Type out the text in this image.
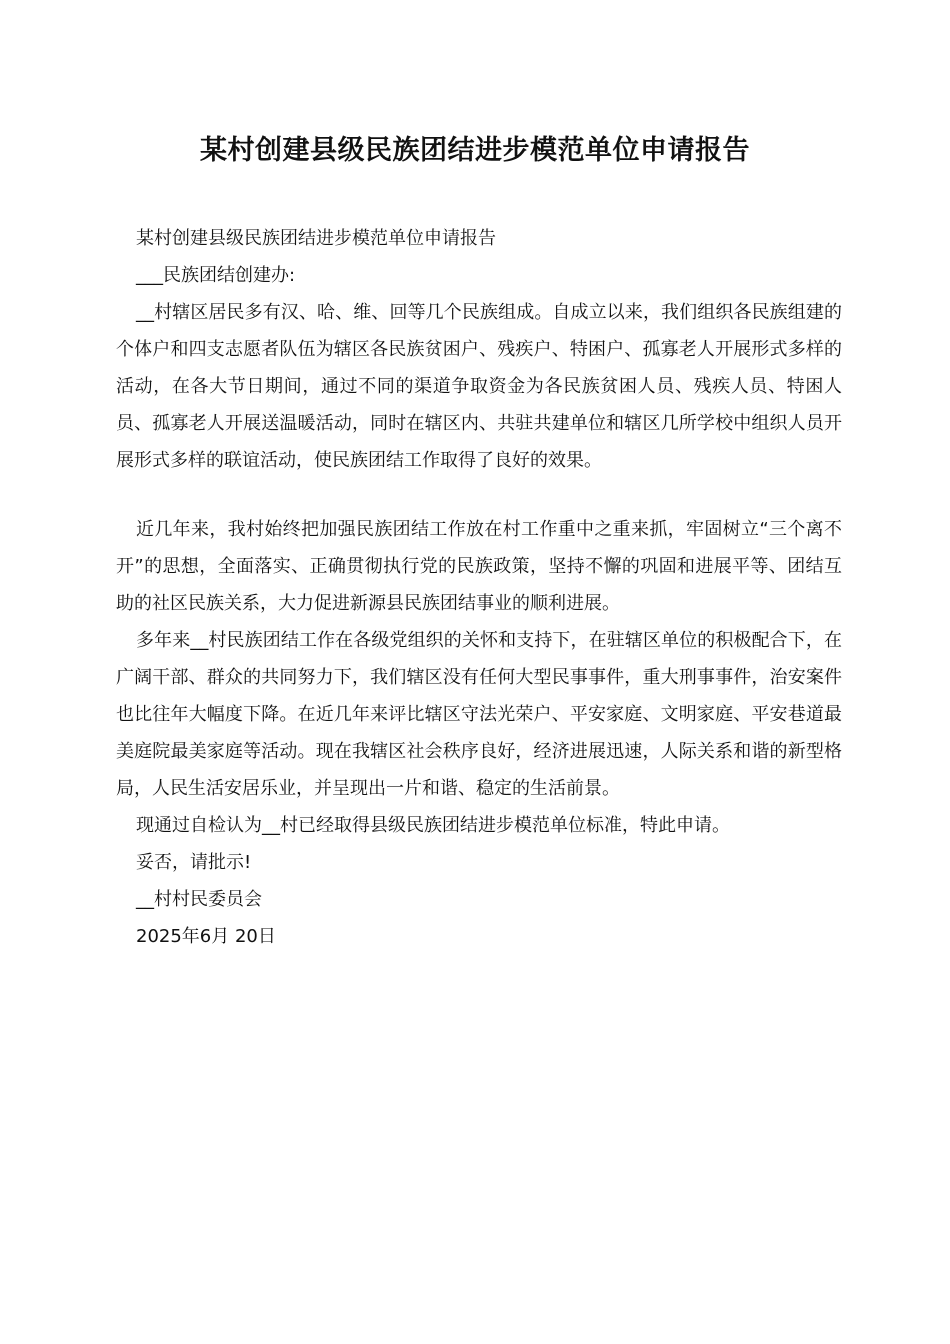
某村创建县级民族团结进步模范单位申请报告

某村创建县级民族团结进步模范单位申请报告

___民族团结创建办:

__村辖区居民多有汉、哈、维、回等几个民族组成。自成立以来，我们组织各民族组建的个体户和四支志愿者队伍为辖区各民族贫困户、残疾户、特困户、孤寡老人开展形式多样的活动，在各大节日期间，通过不同的渠道争取资金为各民族贫困人员、残疾人员、特困人员、孤寡老人开展送温暖活动，同时在辖区内、共驻共建单位和辖区几所学校中组织人员开展形式多样的联谊活动，使民族团结工作取得了良好的效果。

近几年来，我村始终把加强民族团结工作放在村工作重中之重来抓，牢固树立“三个离不开”的思想，全面落实、正确贯彻执行党的民族政策，坚持不懈的巩固和进展平等、团结互助的社区民族关系，大力促进新源县民族团结事业的顺利进展。

多年来__村民族团结工作在各级党组织的关怀和支持下，在驻辖区单位的积极配合下，在广阔干部、群众的共同努力下，我们辖区没有任何大型民事事件，重大刑事事件，治安案件也比往年大幅度下降。在近几年来评比辖区守法光荣户、平安家庭、文明家庭、平安巷道最美庭院最美家庭等活动。现在我辖区社会秩序良好，经济进展迅速，人际关系和谐的新型格局，人民生活安居乐业，并呈现出一片和谐、稳定的生活前景。

现通过自检认为__村已经取得县级民族团结进步模范单位标准，特此申请。

妥否，请批示!

__村村民委员会

2025年6月 20日
